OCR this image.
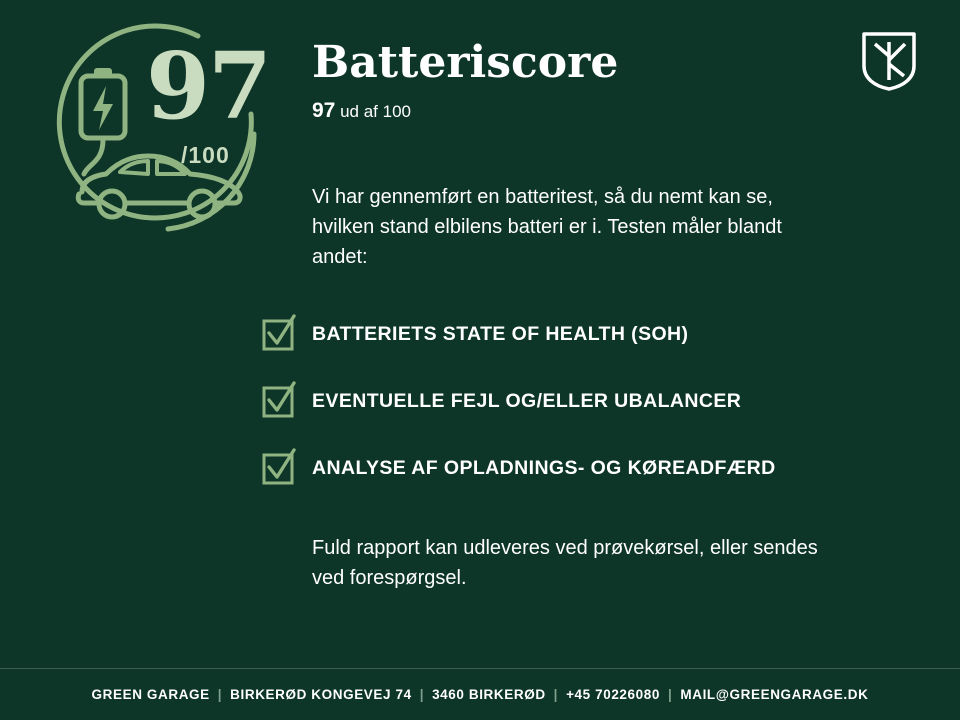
97
/100
Batteriscore
97 ud af 100
Vi har gennemført en batteritest, så du nemt kan se, hvilken stand elbilens batteri er i. Testen måler blandt andet:
BATTERIETS STATE OF HEALTH (SOH)
EVENTUELLE FEJL OG/ELLER UBALANCER
ANALYSE AF OPLADNINGS- OG KØREADFÆRD
Fuld rapport kan udleveres ved prøvekørsel, eller sendes ved forespørgsel.
GREEN GARAGE | BIRKERØD KONGEVEJ 74 | 3460 BIRKERØD | +45 70226080 | MAIL@GREENGARAGE.DK
